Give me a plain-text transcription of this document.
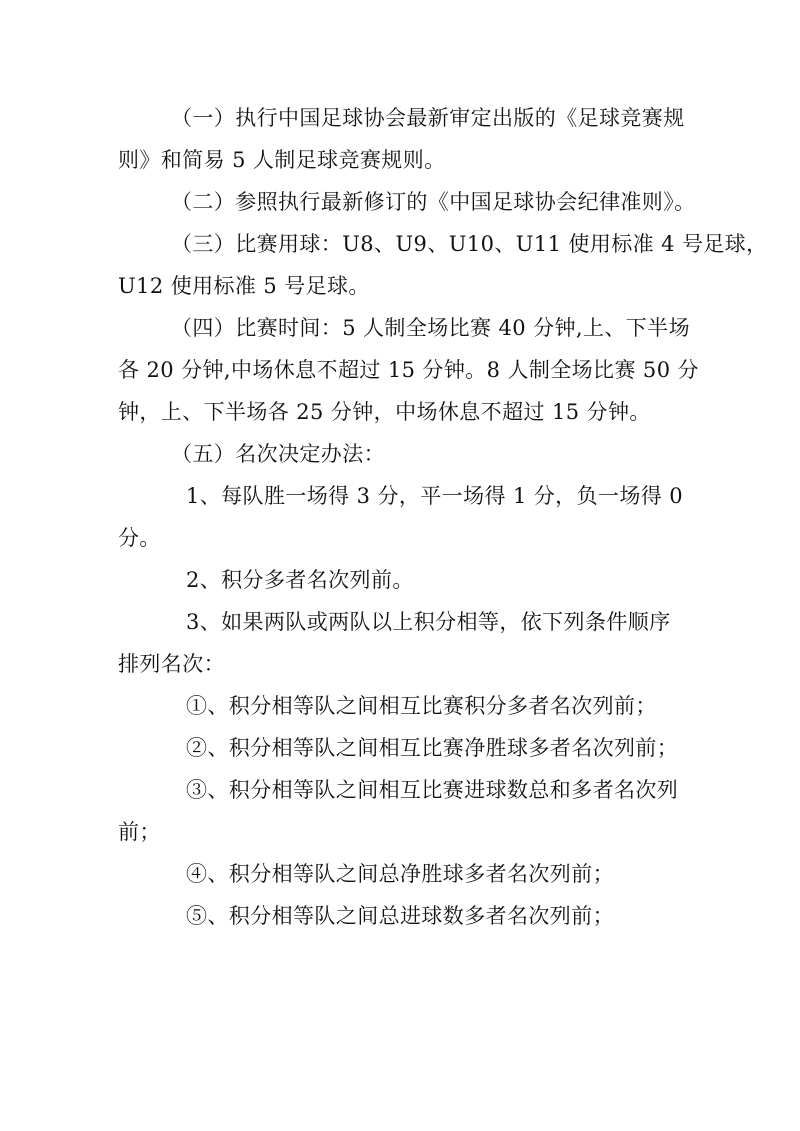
（一）执行中国足球协会最新审定出版的《足球竞赛规
则》和简易 5 人制足球竞赛规则。
（二）参照执行最新修订的《中国足球协会纪律准则》。
（三）比赛用球：U8、U9、U10、U11 使用标准 4 号足球，
U12 使用标准 5 号足球。
（四）比赛时间：5 人制全场比赛 40 分钟,上、下半场
各 20 分钟,中场休息不超过 15 分钟。8 人制全场比赛 50 分
钟，上、下半场各 25 分钟，中场休息不超过 15 分钟。
（五）名次决定办法：
1、每队胜一场得 3 分，平一场得 1 分，负一场得 0
分。
2、积分多者名次列前。
3、如果两队或两队以上积分相等，依下列条件顺序
排列名次：
①、积分相等队之间相互比赛积分多者名次列前；
②、积分相等队之间相互比赛净胜球多者名次列前；
③、积分相等队之间相互比赛进球数总和多者名次列
前；
④、积分相等队之间总净胜球多者名次列前；
⑤、积分相等队之间总进球数多者名次列前；
